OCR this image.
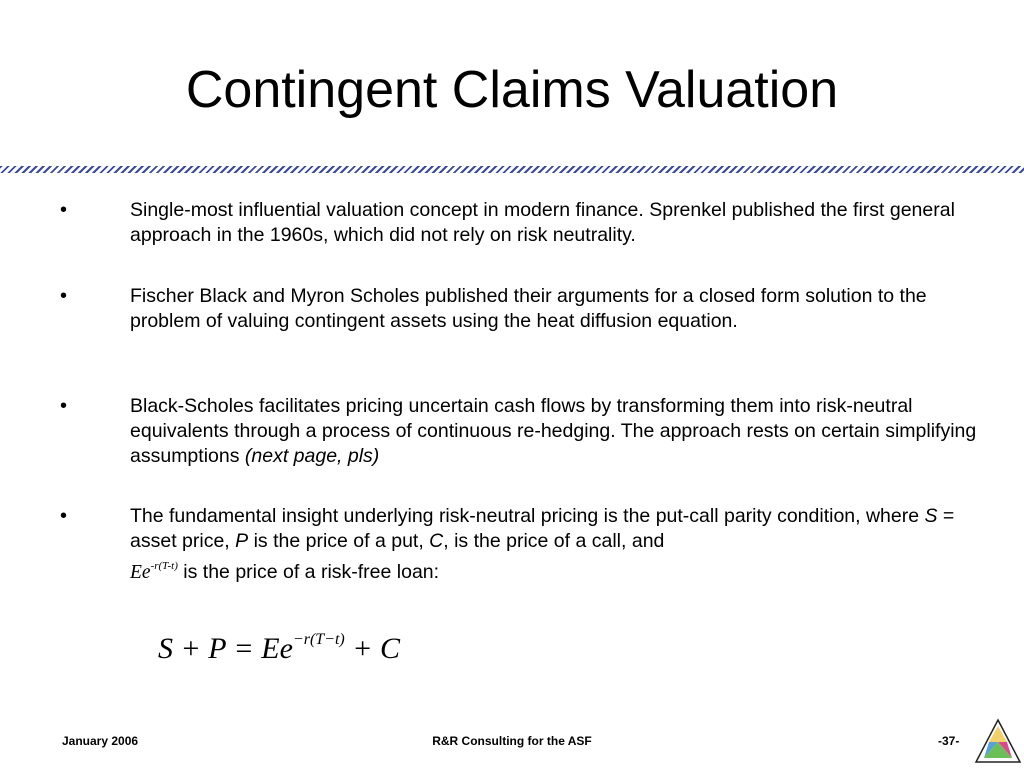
Contingent Claims Valuation
•	Single-most influential valuation concept in modern finance. Sprenkel published the first general approach in the 1960s, which did not rely on risk neutrality.
•	Fischer Black and Myron Scholes published their arguments for a closed form solution to the problem of valuing contingent assets using the heat diffusion equation.
•	Black-Scholes facilitates pricing uncertain cash flows by transforming them into risk-neutral equivalents through a process of continuous re-hedging. The approach rests on certain simplifying assumptions (next page, pls)
•	The fundamental insight underlying risk-neutral pricing is the put-call parity condition, where S = asset price, P is the price of a put, C, is the price of a call, and
$Ee^{-r(T-t)}$ is the price of a risk-free loan:
$S + P = Ee^{-r(T-t)} + C$
January 2006	R&R Consulting for the ASF	-37-
